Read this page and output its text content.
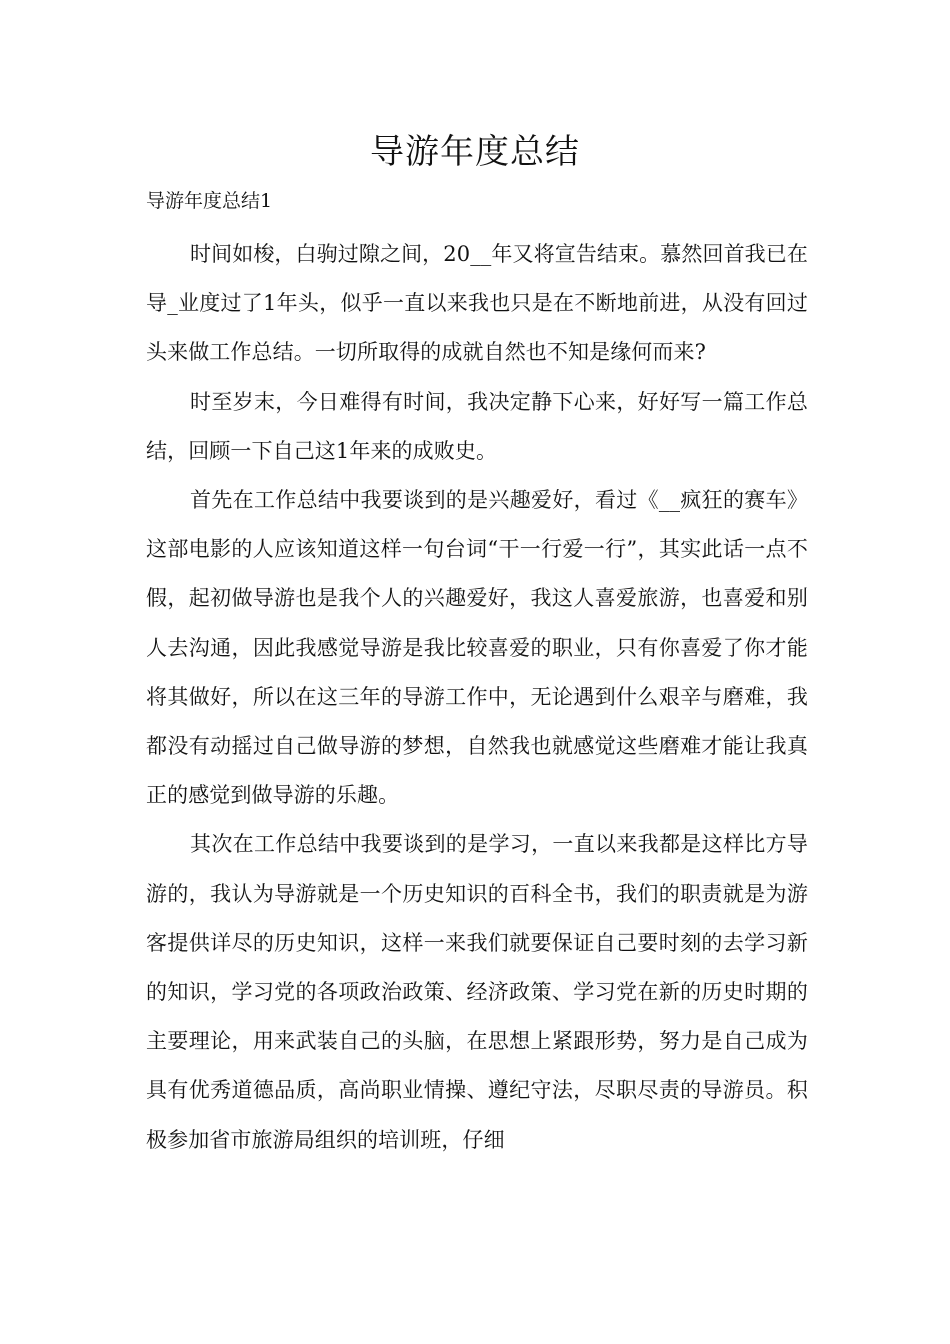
导游年度总结

导游年度总结1

时间如梭，白驹过隙之间，20__年又将宣告结束。慕然回首我已在导_业度过了1年头，似乎一直以来我也只是在不断地前进，从没有回过头来做工作总结。一切所取得的成就自然也不知是缘何而来?

时至岁末，今日难得有时间，我决定静下心来，好好写一篇工作总结，回顾一下自己这1年来的成败史。

首先在工作总结中我要谈到的是兴趣爱好，看过《__疯狂的赛车》这部电影的人应该知道这样一句台词“干一行爱一行”，其实此话一点不假，起初做导游也是我个人的兴趣爱好，我这人喜爱旅游，也喜爱和别人去沟通，因此我感觉导游是我比较喜爱的职业，只有你喜爱了你才能将其做好，所以在这三年的导游工作中，无论遇到什么艰辛与磨难，我都没有动摇过自己做导游的梦想，自然我也就感觉这些磨难才能让我真正的感觉到做导游的乐趣。

其次在工作总结中我要谈到的是学习，一直以来我都是这样比方导游的，我认为导游就是一个历史知识的百科全书，我们的职责就是为游客提供详尽的历史知识，这样一来我们就要保证自己要时刻的去学习新的知识，学习党的各项政治政策、经济政策、学习党在新的历史时期的主要理论，用来武装自己的头脑，在思想上紧跟形势，努力是自己成为具有优秀道德品质，高尚职业情操、遵纪守法，尽职尽责的导游员。积极参加省市旅游局组织的培训班，仔细
